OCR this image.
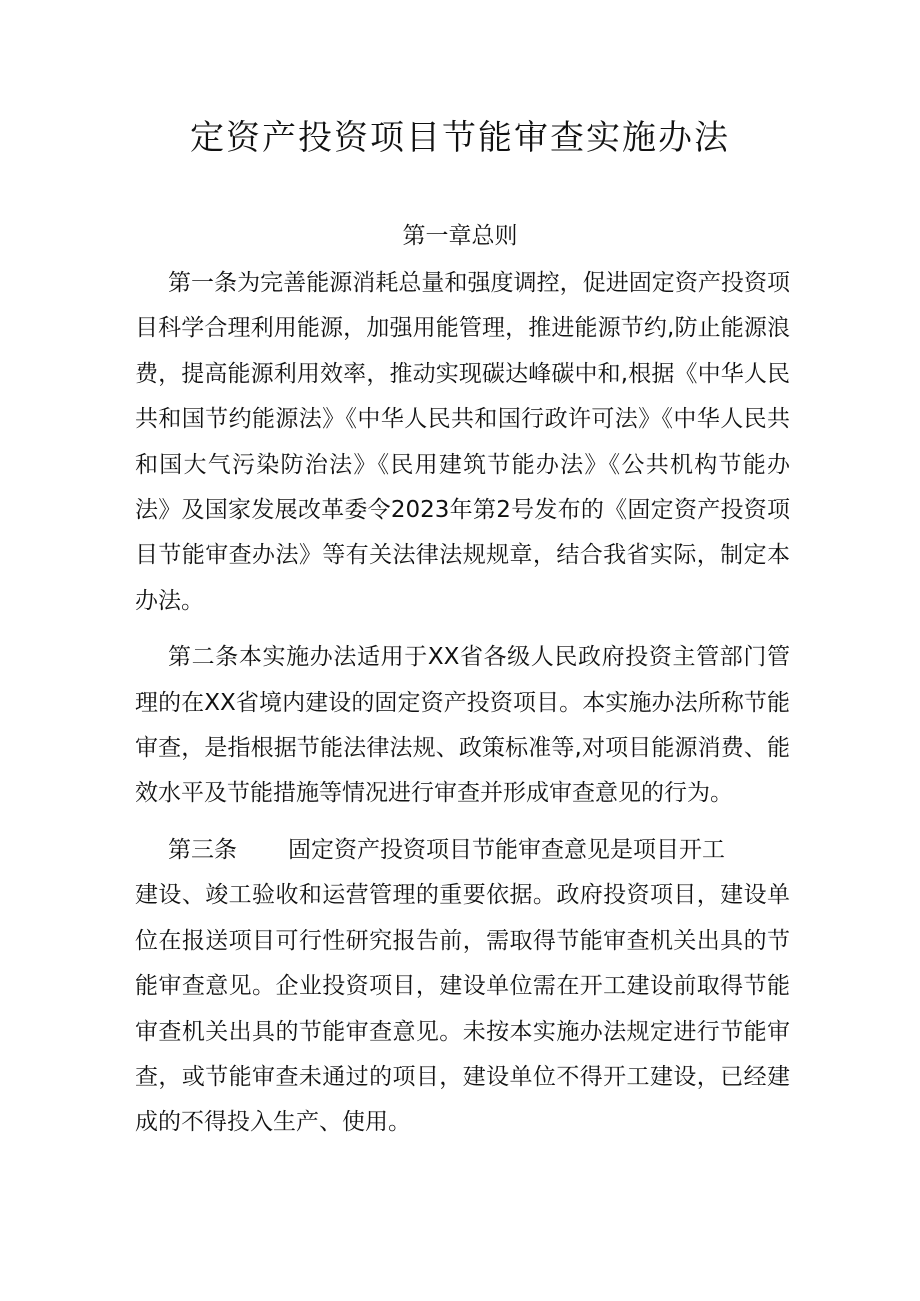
定资产投资项目节能审查实施办法
第一章总则

第一条为完善能源消耗总量和强度调控，促进固定资产投资项目科学合理利用能源，加强用能管理，推进能源节约,防止能源浪费，提高能源利用效率，推动实现碳达峰碳中和,根据《中华人民共和国节约能源法》《中华人民共和国行政许可法》《中华人民共和国大气污染防治法》《民用建筑节能办法》《公共机构节能办法》及国家发展改革委令2023年第2号发布的《固定资产投资项目节能审查办法》等有关法律法规规章，结合我省实际，制定本办法。

第二条本实施办法适用于XX省各级人民政府投资主管部门管理的在XX省境内建设的固定资产投资项目。本实施办法所称节能审查，是指根据节能法律法规、政策标准等,对项目能源消费、能效水平及节能措施等情况进行审查并形成审查意见的行为。

第三条 固定资产投资项目节能审查意见是项目开工
建设、竣工验收和运营管理的重要依据。政府投资项目，建设单位在报送项目可行性研究报告前，需取得节能审查机关出具的节能审查意见。企业投资项目，建设单位需在开工建设前取得节能审查机关出具的节能审查意见。未按本实施办法规定进行节能审查，或节能审查未通过的项目，建设单位不得开工建设，已经建成的不得投入生产、使用。
